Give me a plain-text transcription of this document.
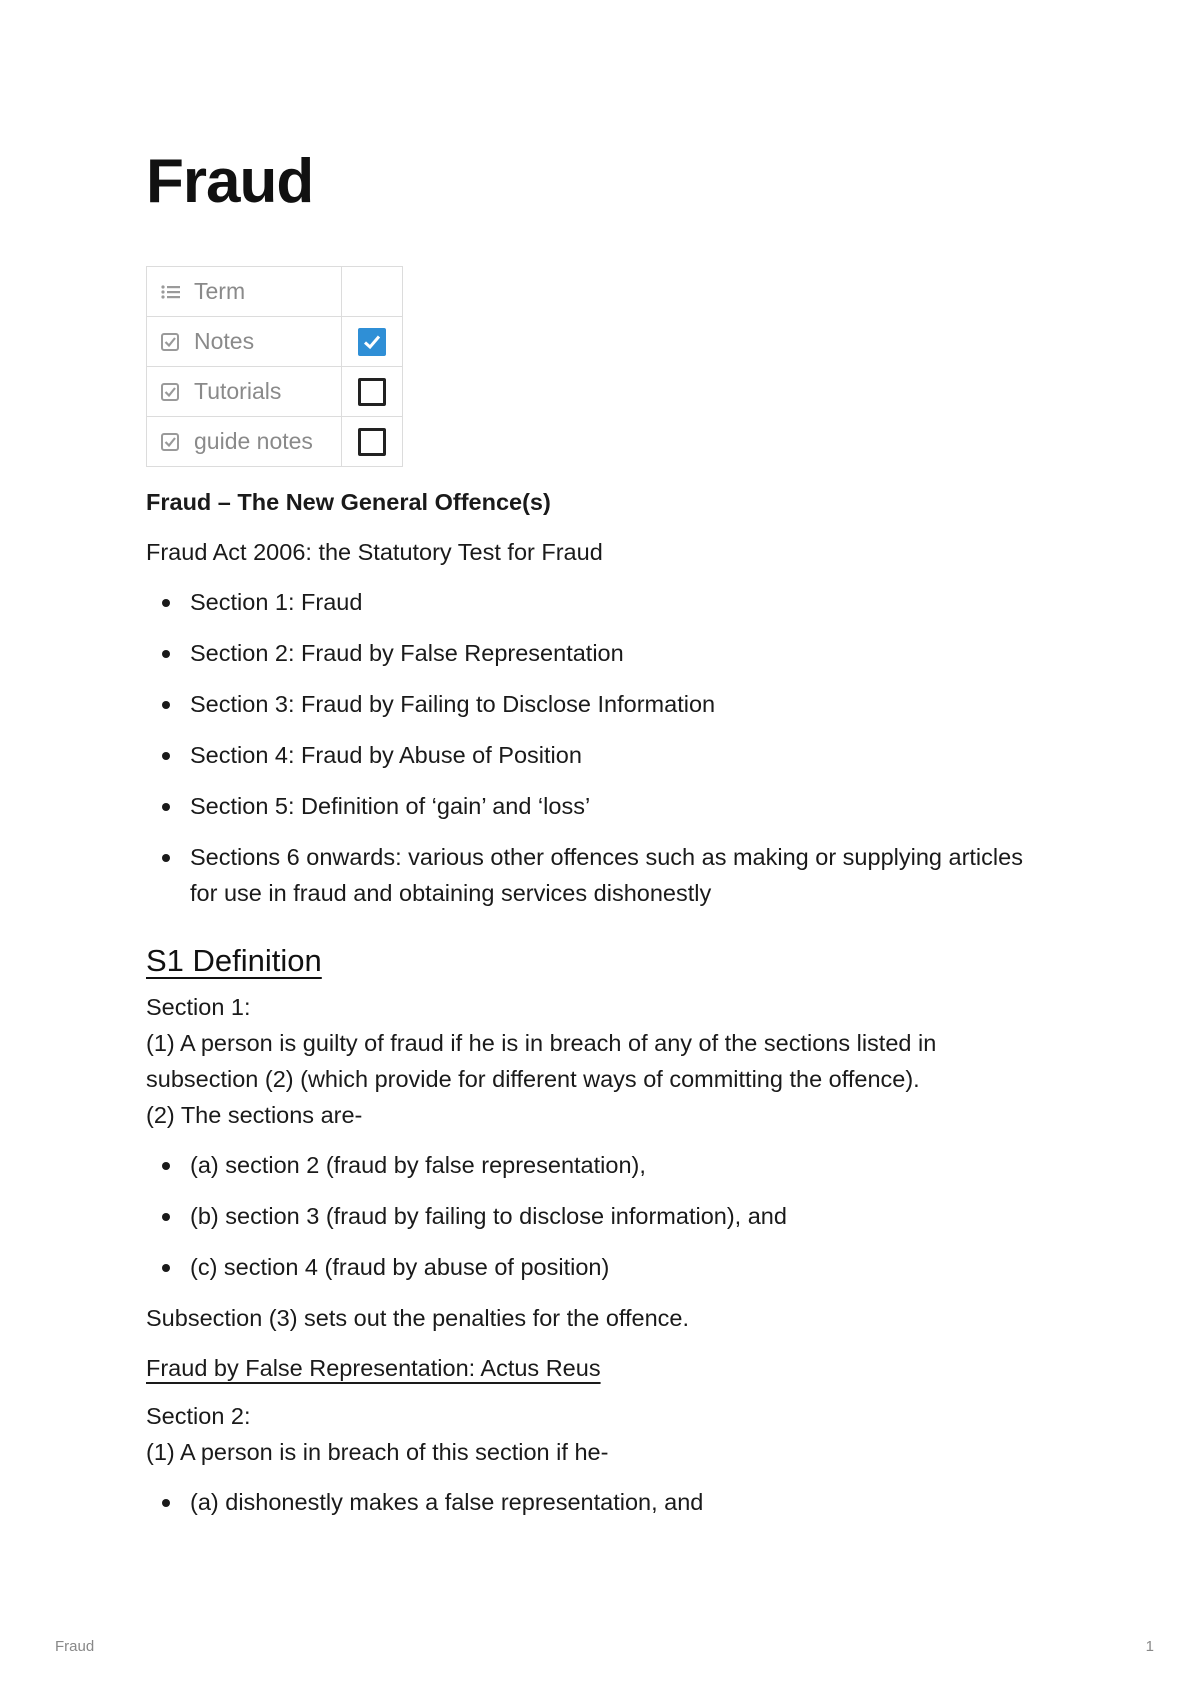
Fraud
Term	

Notes

Tutorials	

guide notes	

Fraud – The New General Offence(s)

Fraud Act 2006: the Statutory Test for Fraud

Section 1: Fraud
Section 2: Fraud by False Representation
Section 3: Fraud by Failing to Disclose Information
Section 4: Fraud by Abuse of Position
Section 5: Definition of ‘gain’ and ‘loss’
Sections 6 onwards: various other offences such as making or supplying articles for use in fraud and obtaining services dishonestly

S1 Definition

Section 1:

(1) A person is guilty of fraud if he is in breach of any of the sections listed in subsection (2) (which provide for different ways of committing the offence).

(2) The sections are-

(a) section 2 (fraud by false representation),
(b) section 3 (fraud by failing to disclose information), and
(c) section 4 (fraud by abuse of position)

Subsection (3) sets out the penalties for the offence.

Fraud by False Representation: Actus Reus

Section 2:

(1) A person is in breach of this section if he-

(a) dishonestly makes a false representation, and
Fraud	1
